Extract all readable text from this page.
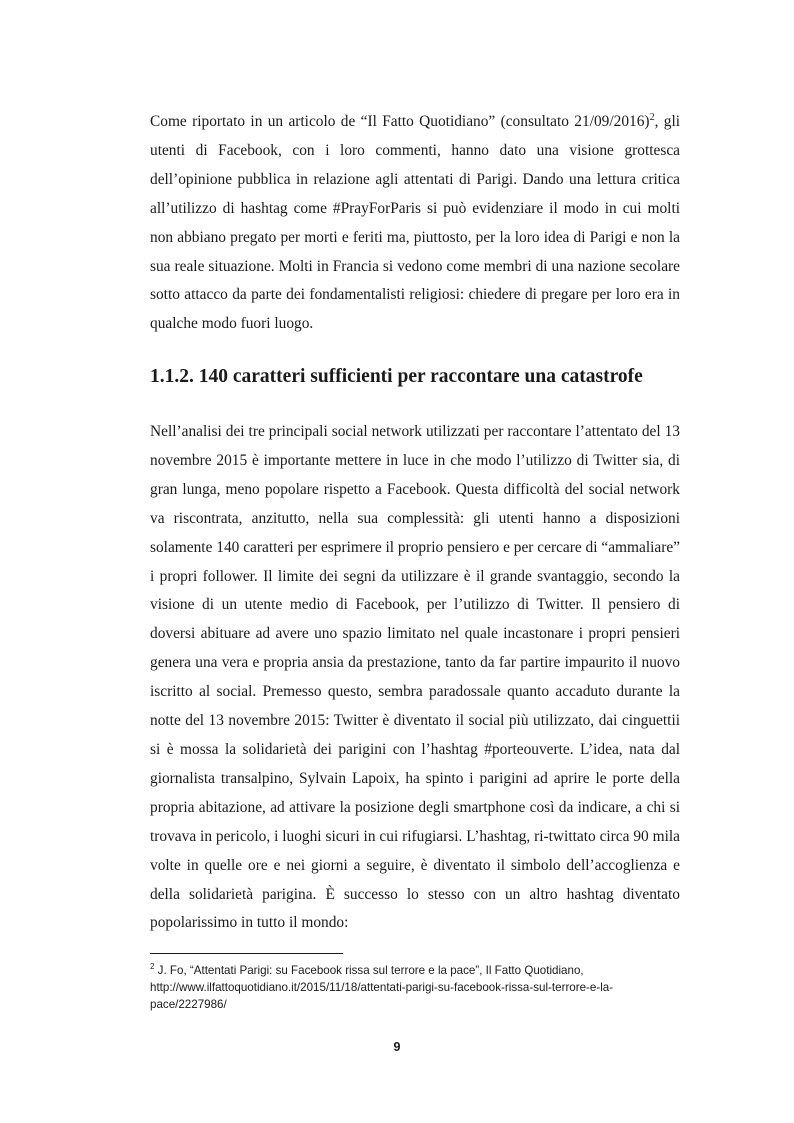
Come riportato in un articolo de “Il Fatto Quotidiano” (consultato 21/09/2016)$^2$, gli utenti di Facebook, con i loro commenti, hanno dato una visione grottesca dell’opinione pubblica in relazione agli attentati di Parigi. Dando una lettura critica all’utilizzo di hashtag come #PrayForParis si può evidenziare il modo in cui molti non abbiano pregato per morti e feriti ma, piuttosto, per la loro idea di Parigi e non la sua reale situazione. Molti in Francia si vedono come membri di una nazione secolare sotto attacco da parte dei fondamentalisti religiosi: chiedere di pregare per loro era in qualche modo fuori luogo.

1.1.2. 140 caratteri sufficienti per raccontare una catastrofe

Nell’analisi dei tre principali social network utilizzati per raccontare l’attentato del 13 novembre 2015 è importante mettere in luce in che modo l’utilizzo di Twitter sia, di gran lunga, meno popolare rispetto a Facebook. Questa difficoltà del social network va riscontrata, anzitutto, nella sua complessità: gli utenti hanno a disposizioni solamente 140 caratteri per esprimere il proprio pensiero e per cercare di “ammaliare” i propri follower. Il limite dei segni da utilizzare è il grande svantaggio, secondo la visione di un utente medio di Facebook, per l’utilizzo di Twitter. Il pensiero di doversi abituare ad avere uno spazio limitato nel quale incastonare i propri pensieri genera una vera e propria ansia da prestazione, tanto da far partire impaurito il nuovo iscritto al social. Premesso questo, sembra paradossale quanto accaduto durante la notte del 13 novembre 2015: Twitter è diventato il social più utilizzato, dai cinguettii si è mossa la solidarietà dei parigini con l’hashtag #porteouverte. L’idea, nata dal giornalista transalpino, Sylvain Lapoix, ha spinto i parigini ad aprire le porte della propria abitazione, ad attivare la posizione degli smartphone così da indicare, a chi si trovava in pericolo, i luoghi sicuri in cui rifugiarsi. L’hashtag, ri-twittato circa 90 mila volte in quelle ore e nei giorni a seguire, è diventato il simbolo dell’accoglienza e della solidarietà parigina. È successo lo stesso con un altro hashtag diventato popolarissimo in tutto il mondo:

$^2$ J. Fo, “Attentati Parigi: su Facebook rissa sul terrore e la pace”, Il Fatto Quotidiano, http://www.ilfattoquotidiano.it/2015/11/18/attentati-parigi-su-facebook-rissa-sul-terrore-e-la-pace/2227986/

9
